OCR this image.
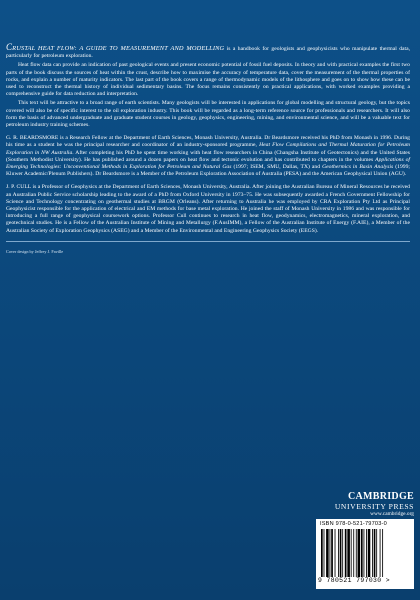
CRUSTAL HEAT FLOW: A GUIDE TO MEASUREMENT AND MODELLING is a handbook for geologists and geophysicists who manipulate thermal data, particularly for petroleum exploration.

Heat flow data can provide an indication of past geological events and present economic potential of fossil fuel deposits. In theory and with practical examples the first two parts of the book discuss the sources of heat within the crust, describe how to maximise the accuracy of temperature data, cover the measurement of the thermal properties of rocks, and explain a number of maturity indicators. The last part of the book covers a range of thermodynamic models of the lithosphere and goes on to show how these can be used to reconstruct the thermal history of individual sedimentary basins. The focus remains consistently on practical applications, with worked examples providing a comprehensive guide for data reduction and interpretation.

This text will be attractive to a broad range of earth scientists. Many geologists will be interested in applications for global modelling and structural geology, but the topics covered will also be of specific interest to the oil exploration industry. This book will be regarded as a long-term reference source for professionals and researchers. It will also form the basis of advanced undergraduate and graduate student courses in geology, geophysics, engineering, mining, and environmental science, and will be a valuable text for petroleum industry training schemes.

G. R. BEARDSMORE is a Research Fellow at the Department of Earth Sciences, Monash University, Australia. Dr Beardsmore received his PhD from Monash in 1996. During his time as a student he was the principal researcher and coordinator of an industry-sponsored programme, Heat Flow Compilations and Thermal Maturation for Petroleum Exploration in NW Australia. After completing his PhD he spent time working with heat flow researchers in China (Changsha Institute of Geotectonics) and the United States (Southern Methodist University). He has published around a dozen papers on heat flow and tectonic evolution and has contributed to chapters in the volumes Applications of Emerging Technologies: Unconventional Methods in Exploration for Petroleum and Natural Gas (1997; ISEM, SMU, Dallas, TX) and Geothermics in Basin Analysis (1999; Kluwer Academic/Plenum Publishers). Dr Beardsmore is a Member of the Petroleum Exploration Association of Australia (PESA) and the American Geophysical Union (AGU).

J. P. CULL is a Professor of Geophysics at the Department of Earth Sciences, Monash University, Australia. After joining the Australian Bureau of Mineral Resources he received an Australian Public Service scholarship leading to the award of a PhD from Oxford University in 1973–75. He was subsequently awarded a French Government Fellowship for Science and Technology concentrating on geothermal studies at BRGM (Orleans). After returning to Australia he was employed by CRA Exploration Pty Ltd as Principal Geophysicist responsible for the application of electrical and EM methods for base metal exploration. He joined the staff of Monash University in 1986 and was responsible for introducing a full range of geophysical coursework options. Professor Cull continues to research in heat flow, geodynamics, electromagnetics, mineral exploration, and geotechnical studies. He is a Fellow of the Australian Institute of Mining and Metallurgy (F.AusIMM), a Fellow of the Australian Institute of Energy (F.AIE), a Member of the Australian Society of Exploration Geophysics (ASEG) and a Member of the Environmental and Engineering Geophysics Society (EEGS).

Cover design by Jeffrey J. Faville

CAMBRIDGE
UNIVERSITY PRESS
www.cambridge.org
ISBN 978-0-521-79703-0
9 780521 797030 >
